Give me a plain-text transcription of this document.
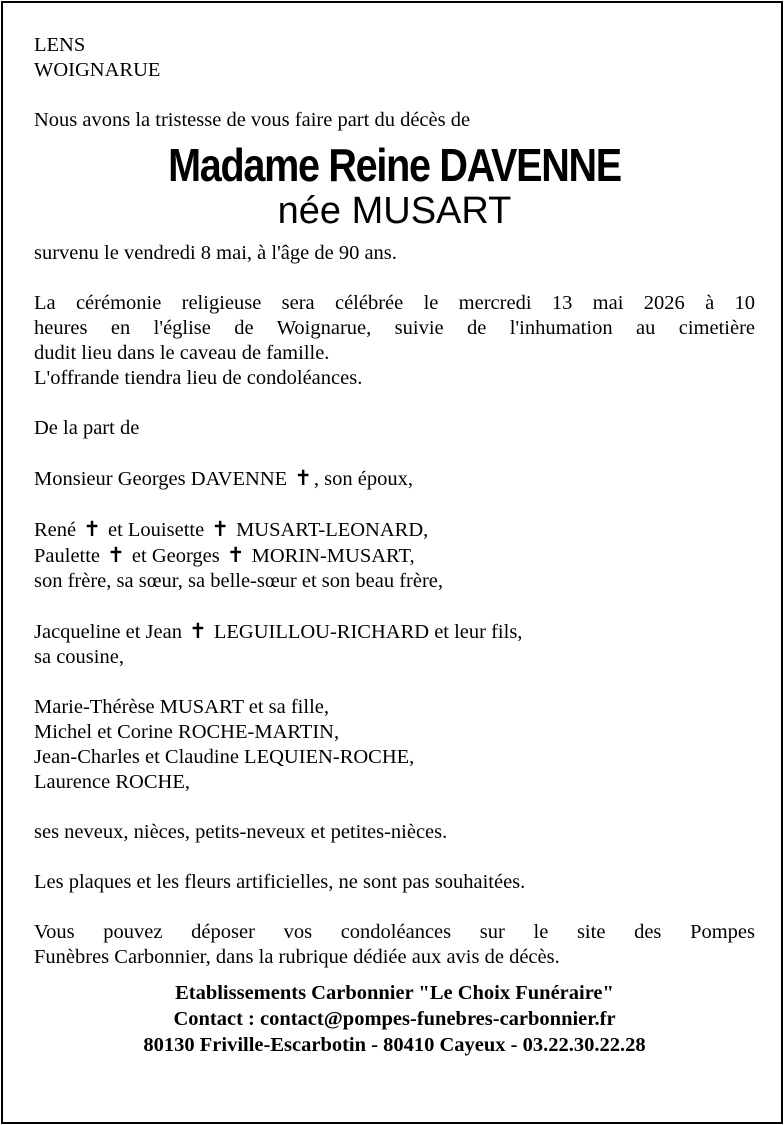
LENS
WOIGNARUE
Nous avons la tristesse de vous faire part du décès de
Madame Reine DAVENNE
née MUSART
survenu le vendredi 8 mai, à l'âge de 90 ans.
La cérémonie religieuse sera célébrée le mercredi 13 mai 2026 à 10
heures en l'église de Woignarue, suivie de l'inhumation au cimetière
dudit lieu dans le caveau de famille.
L'offrande tiendra lieu de condoléances.
De la part de
Monsieur Georges DAVENNE ✝, son époux,
René ✝ et Louisette ✝ MUSART-LEONARD,
Paulette ✝ et Georges ✝ MORIN-MUSART,
son frère, sa sœur, sa belle-sœur et son beau frère,
Jacqueline et Jean ✝ LEGUILLOU-RICHARD et leur fils,
sa cousine,
Marie-Thérèse MUSART et sa fille,
Michel et Corine ROCHE-MARTIN,
Jean-Charles et Claudine LEQUIEN-ROCHE,
Laurence ROCHE,
ses neveux, nièces, petits-neveux et petites-nièces.
Les plaques et les fleurs artificielles, ne sont pas souhaitées.
Vous pouvez déposer vos condoléances sur le site des Pompes
Funèbres Carbonnier, dans la rubrique dédiée aux avis de décès.
Etablissements Carbonnier "Le Choix Funéraire"
Contact : contact@pompes-funebres-carbonnier.fr
80130 Friville-Escarbotin - 80410 Cayeux - 03.22.30.22.28
